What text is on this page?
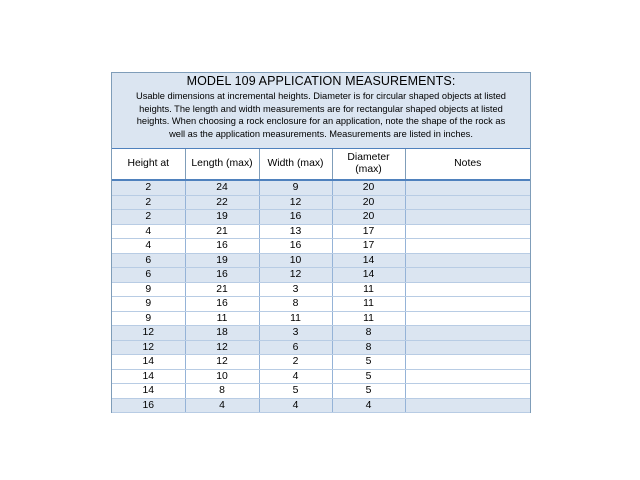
MODEL 109 APPLICATION MEASUREMENTS:
Usable dimensions at incremental heights. Diameter is for circular shaped objects at listed
heights. The length and width measurements are for rectangular shaped objects at listed
heights. When choosing a rock enclosure for an application, note the shape of the rock as
well as the application measurements. Measurements are listed in inches.
Height at	Length (max)	Width (max)	Diameter (max)	Notes
2	24	9	20	
2	22	12	20	
2	19	16	20	
4	21	13	17	
4	16	16	17	
6	19	10	14	
6	16	12	14	
9	21	3	11	
9	16	8	11	
9	11	11	11	
12	18	3	8	
12	12	6	8	
14	12	2	5	
14	10	4	5	
14	8	5	5	
16	4	4	4	
